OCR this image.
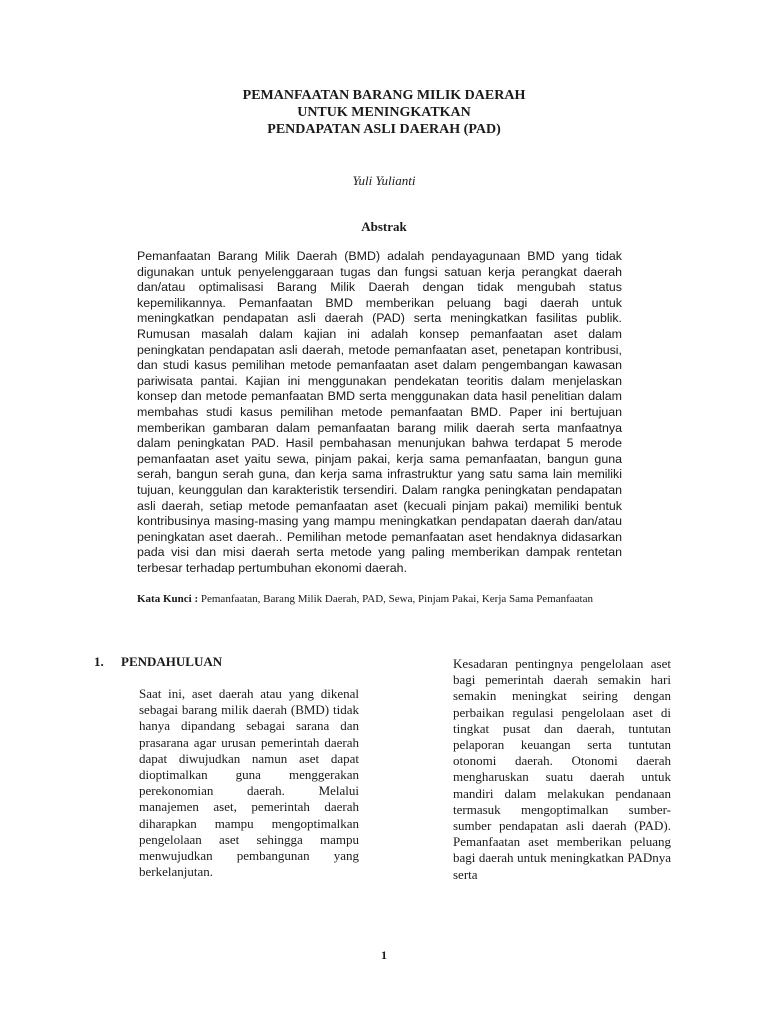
PEMANFAATAN BARANG MILIK DAERAH
UNTUK MENINGKATKAN
PENDAPATAN ASLI DAERAH (PAD)
Yuli Yulianti
Abstrak
Pemanfaatan Barang Milik Daerah (BMD) adalah pendayagunaan BMD yang tidak digunakan untuk penyelenggaraan tugas dan fungsi satuan kerja perangkat daerah dan/atau optimalisasi Barang Milik Daerah dengan tidak mengubah status kepemilikannya. Pemanfaatan BMD memberikan peluang bagi daerah untuk meningkatkan pendapatan asli daerah (PAD) serta meningkatkan fasilitas publik. Rumusan masalah dalam kajian ini adalah konsep pemanfaatan aset dalam peningkatan pendapatan asli daerah, metode pemanfaatan aset, penetapan kontribusi, dan studi kasus pemilihan metode pemanfaatan aset dalam pengembangan kawasan pariwisata pantai. Kajian ini menggunakan pendekatan teoritis dalam menjelaskan konsep dan metode pemanfaatan BMD serta menggunakan data hasil penelitian dalam membahas studi kasus pemilihan metode pemanfaatan BMD. Paper ini bertujuan memberikan gambaran dalam pemanfaatan barang milik daerah serta manfaatnya dalam peningkatan PAD. Hasil pembahasan menunjukan bahwa terdapat 5 merode pemanfaatan aset yaitu sewa, pinjam pakai, kerja sama pemanfaatan, bangun guna serah, bangun serah guna, dan kerja sama infrastruktur yang satu sama lain memiliki tujuan, keunggulan dan karakteristik tersendiri. Dalam rangka peningkatan pendapatan asli daerah, setiap metode pemanfaatan aset (kecuali pinjam pakai) memiliki bentuk kontribusinya masing-masing yang mampu meningkatkan pendapatan daerah dan/atau peningkatan aset daerah.. Pemilihan metode pemanfaatan aset hendaknya didasarkan pada visi dan misi daerah serta metode yang paling memberikan dampak rentetan terbesar terhadap pertumbuhan ekonomi daerah.
Kata Kunci : Pemanfaatan, Barang Milik Daerah, PAD, Sewa, Pinjam Pakai, Kerja Sama Pemanfaatan
1. PENDAHULUAN
Saat ini, aset daerah atau yang dikenal sebagai barang milik daerah (BMD) tidak hanya dipandang sebagai sarana dan prasarana agar urusan pemerintah daerah dapat diwujudkan namun aset dapat dioptimalkan guna menggerakan perekonomian daerah. Melalui manajemen aset, pemerintah daerah diharapkan mampu mengoptimalkan pengelolaan aset sehingga mampu menwujudkan pembangunan yang berkelanjutan.
Kesadaran pentingnya pengelolaan aset bagi pemerintah daerah semakin hari semakin meningkat seiring dengan perbaikan regulasi pengelolaan aset di tingkat pusat dan daerah, tuntutan pelaporan keuangan serta tuntutan otonomi daerah. Otonomi daerah mengharuskan suatu daerah untuk mandiri dalam melakukan pendanaan termasuk mengoptimalkan sumber-sumber pendapatan asli daerah (PAD). Pemanfaatan aset memberikan peluang bagi daerah untuk meningkatkan PADnya serta
1
